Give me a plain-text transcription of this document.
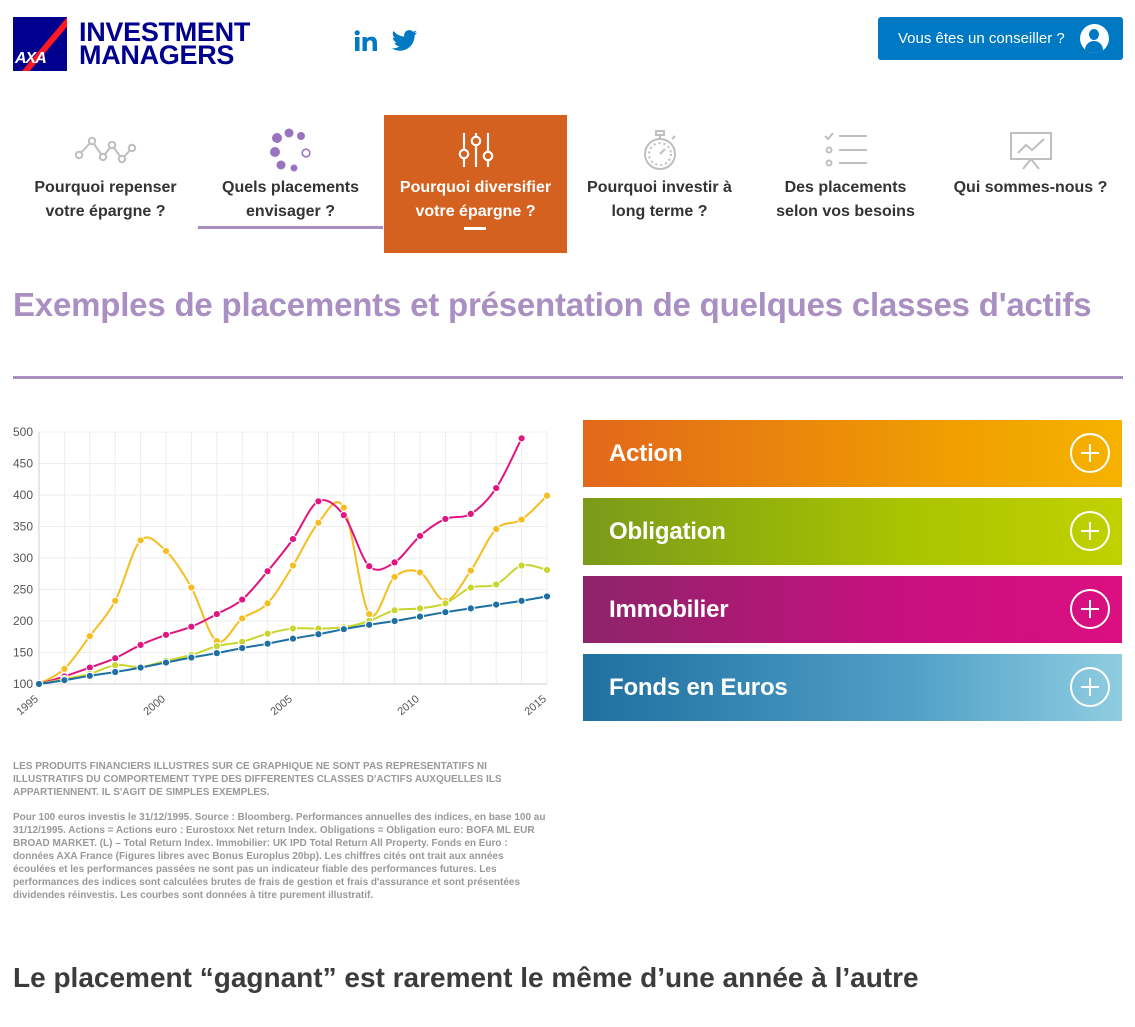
AXA
INVESTMENT
MANAGERS
Vous êtes un conseiller ?
Pourquoi repenser
votre épargne ?
Quels placements
envisager ?
Pourquoi diversifier
votre épargne ?
Pourquoi investir à
long terme ?
Des placements
selon vos besoins
Qui sommes-nous ?
Exemples de placements et présentation de quelques classes d'actifs
100
150
200
250
300
350
400
450
500
1995	2000	2005	2010	2015
Action
Obligation
Immobilier
Fonds en Euros

LES PRODUITS FINANCIERS ILLUSTRES SUR CE GRAPHIQUE NE SONT PAS REPRESENTATIFS NI ILLUSTRATIFS DU COMPORTEMENT TYPE DES DIFFERENTES CLASSES D'ACTIFS AUXQUELLES ILS APPARTIENNENT. IL S'AGIT DE SIMPLES EXEMPLES.

Pour 100 euros investis le 31/12/1995. Source : Bloomberg. Performances annuelles des indices, en base 100 au 31/12/1995. Actions = Actions euro : Eurostoxx Net return Index. Obligations = Obligation euro: BOFA ML EUR BROAD MARKET. (L) – Total Return Index. Immobilier: UK IPD Total Return All Property. Fonds en Euro : données AXA France (Figures libres avec Bonus Europlus 20bp). Les chiffres cités ont trait aux années écoulées et les performances passées ne sont pas un indicateur fiable des performances futures. Les performances des indices sont calculées brutes de frais de gestion et frais d'assurance et sont présentées dividendes réinvestis. Les courbes sont données à titre purement illustratif.

Le placement “gagnant” est rarement le même d’une année à l’autre
